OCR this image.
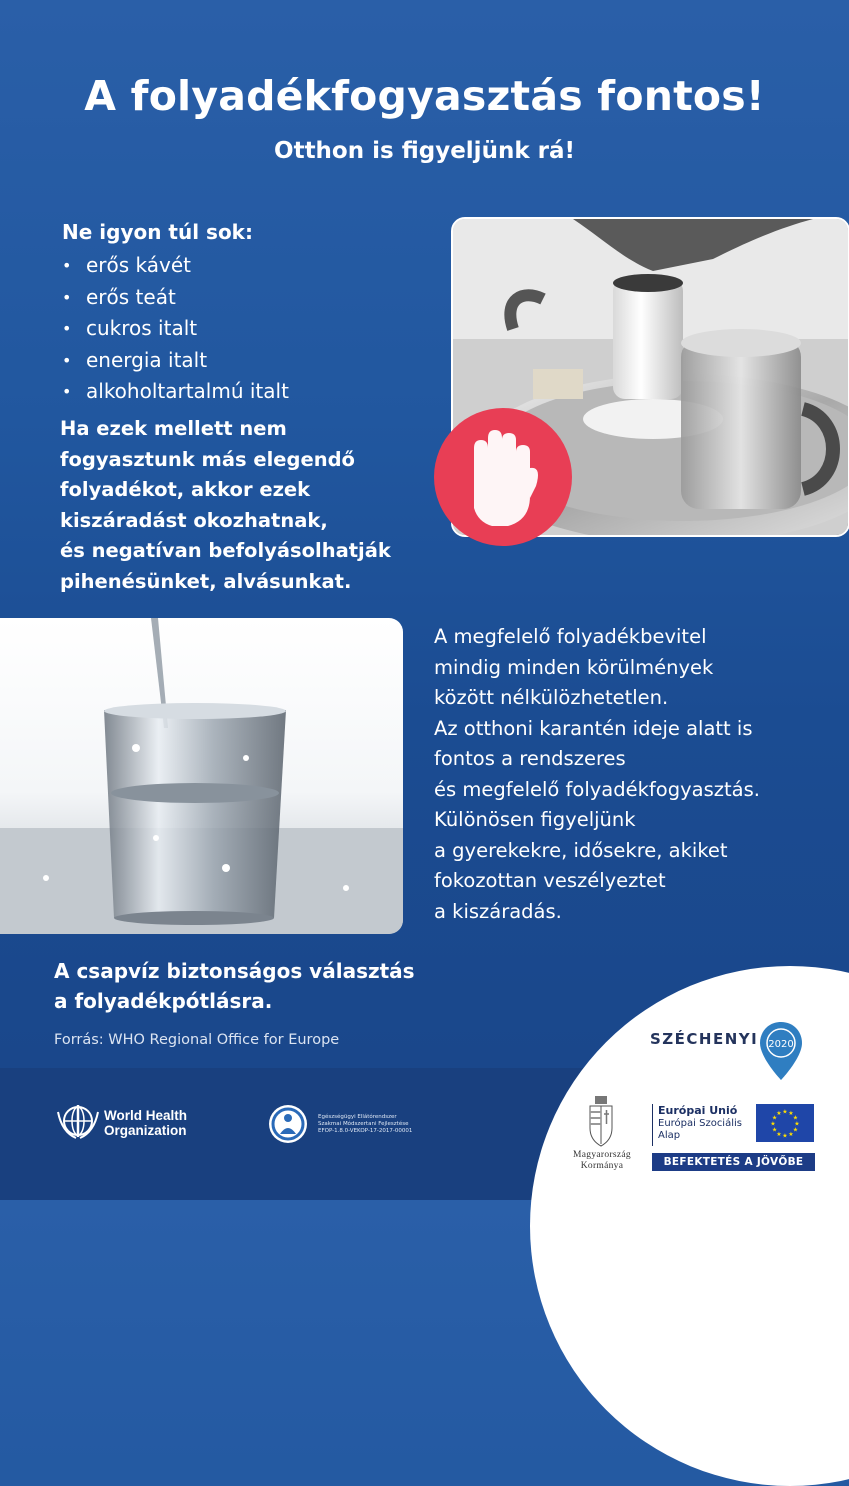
A folyadékfogyasztás fontos!
Otthon is figyeljünk rá!
Ne igyon túl sok:
• erős kávét
• erős teát
• cukros italt
• energia italt
• alkoholtartalmú italt
Ha ezek mellett nem
fogyasztunk más elegendő
folyadékot, akkor ezek
kiszáradást okozhatnak,
és negatívan befolyásolhatják
pihenésünket, alvásunkat.
A megfelelő folyadékbevitel
mindig minden körülmények
között nélkülözhetetlen.
Az otthoni karantén ideje alatt is
fontos a rendszeres
és megfelelő folyadékfogyasztás.
Különösen figyeljünk
a gyerekekre, idősekre, akiket
fokozottan veszélyeztet
a kiszáradás.
A csapvíz biztonságos választás
a folyadékpótlásra.
Forrás: WHO Regional Office for Europe
World Health
Organization
Egészségügyi Ellátórendszer
Szakmai Módszertani Fejlesztése
EFOP-1.8.0-VEKOP-17-2017-00001
SZÉCHENYI 2020
Magyarország
Kormánya
Európai Unió
Európai Szociális
Alap
★ ★
★
★
★
★
★
★
★
★
★
★
BEFEKTETÉS A JÖVŐBE
